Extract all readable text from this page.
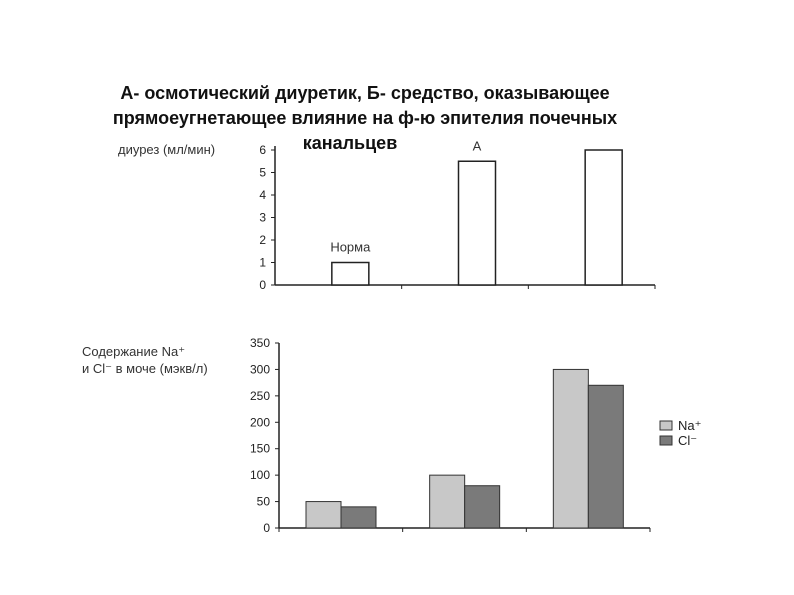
А- осмотический диуретик, Б- средство, оказывающее
прямоеугнетающее влияние на ф-ю эпителия почечных
канальцев
диурез (мл/мин)
Содержание Na⁺
и Cl⁻ в моче (мэкв/л)
0
1
2
3
4
5
6
Норма
А
0
50
100
150
200
250
300
350
Na⁺
Cl⁻
